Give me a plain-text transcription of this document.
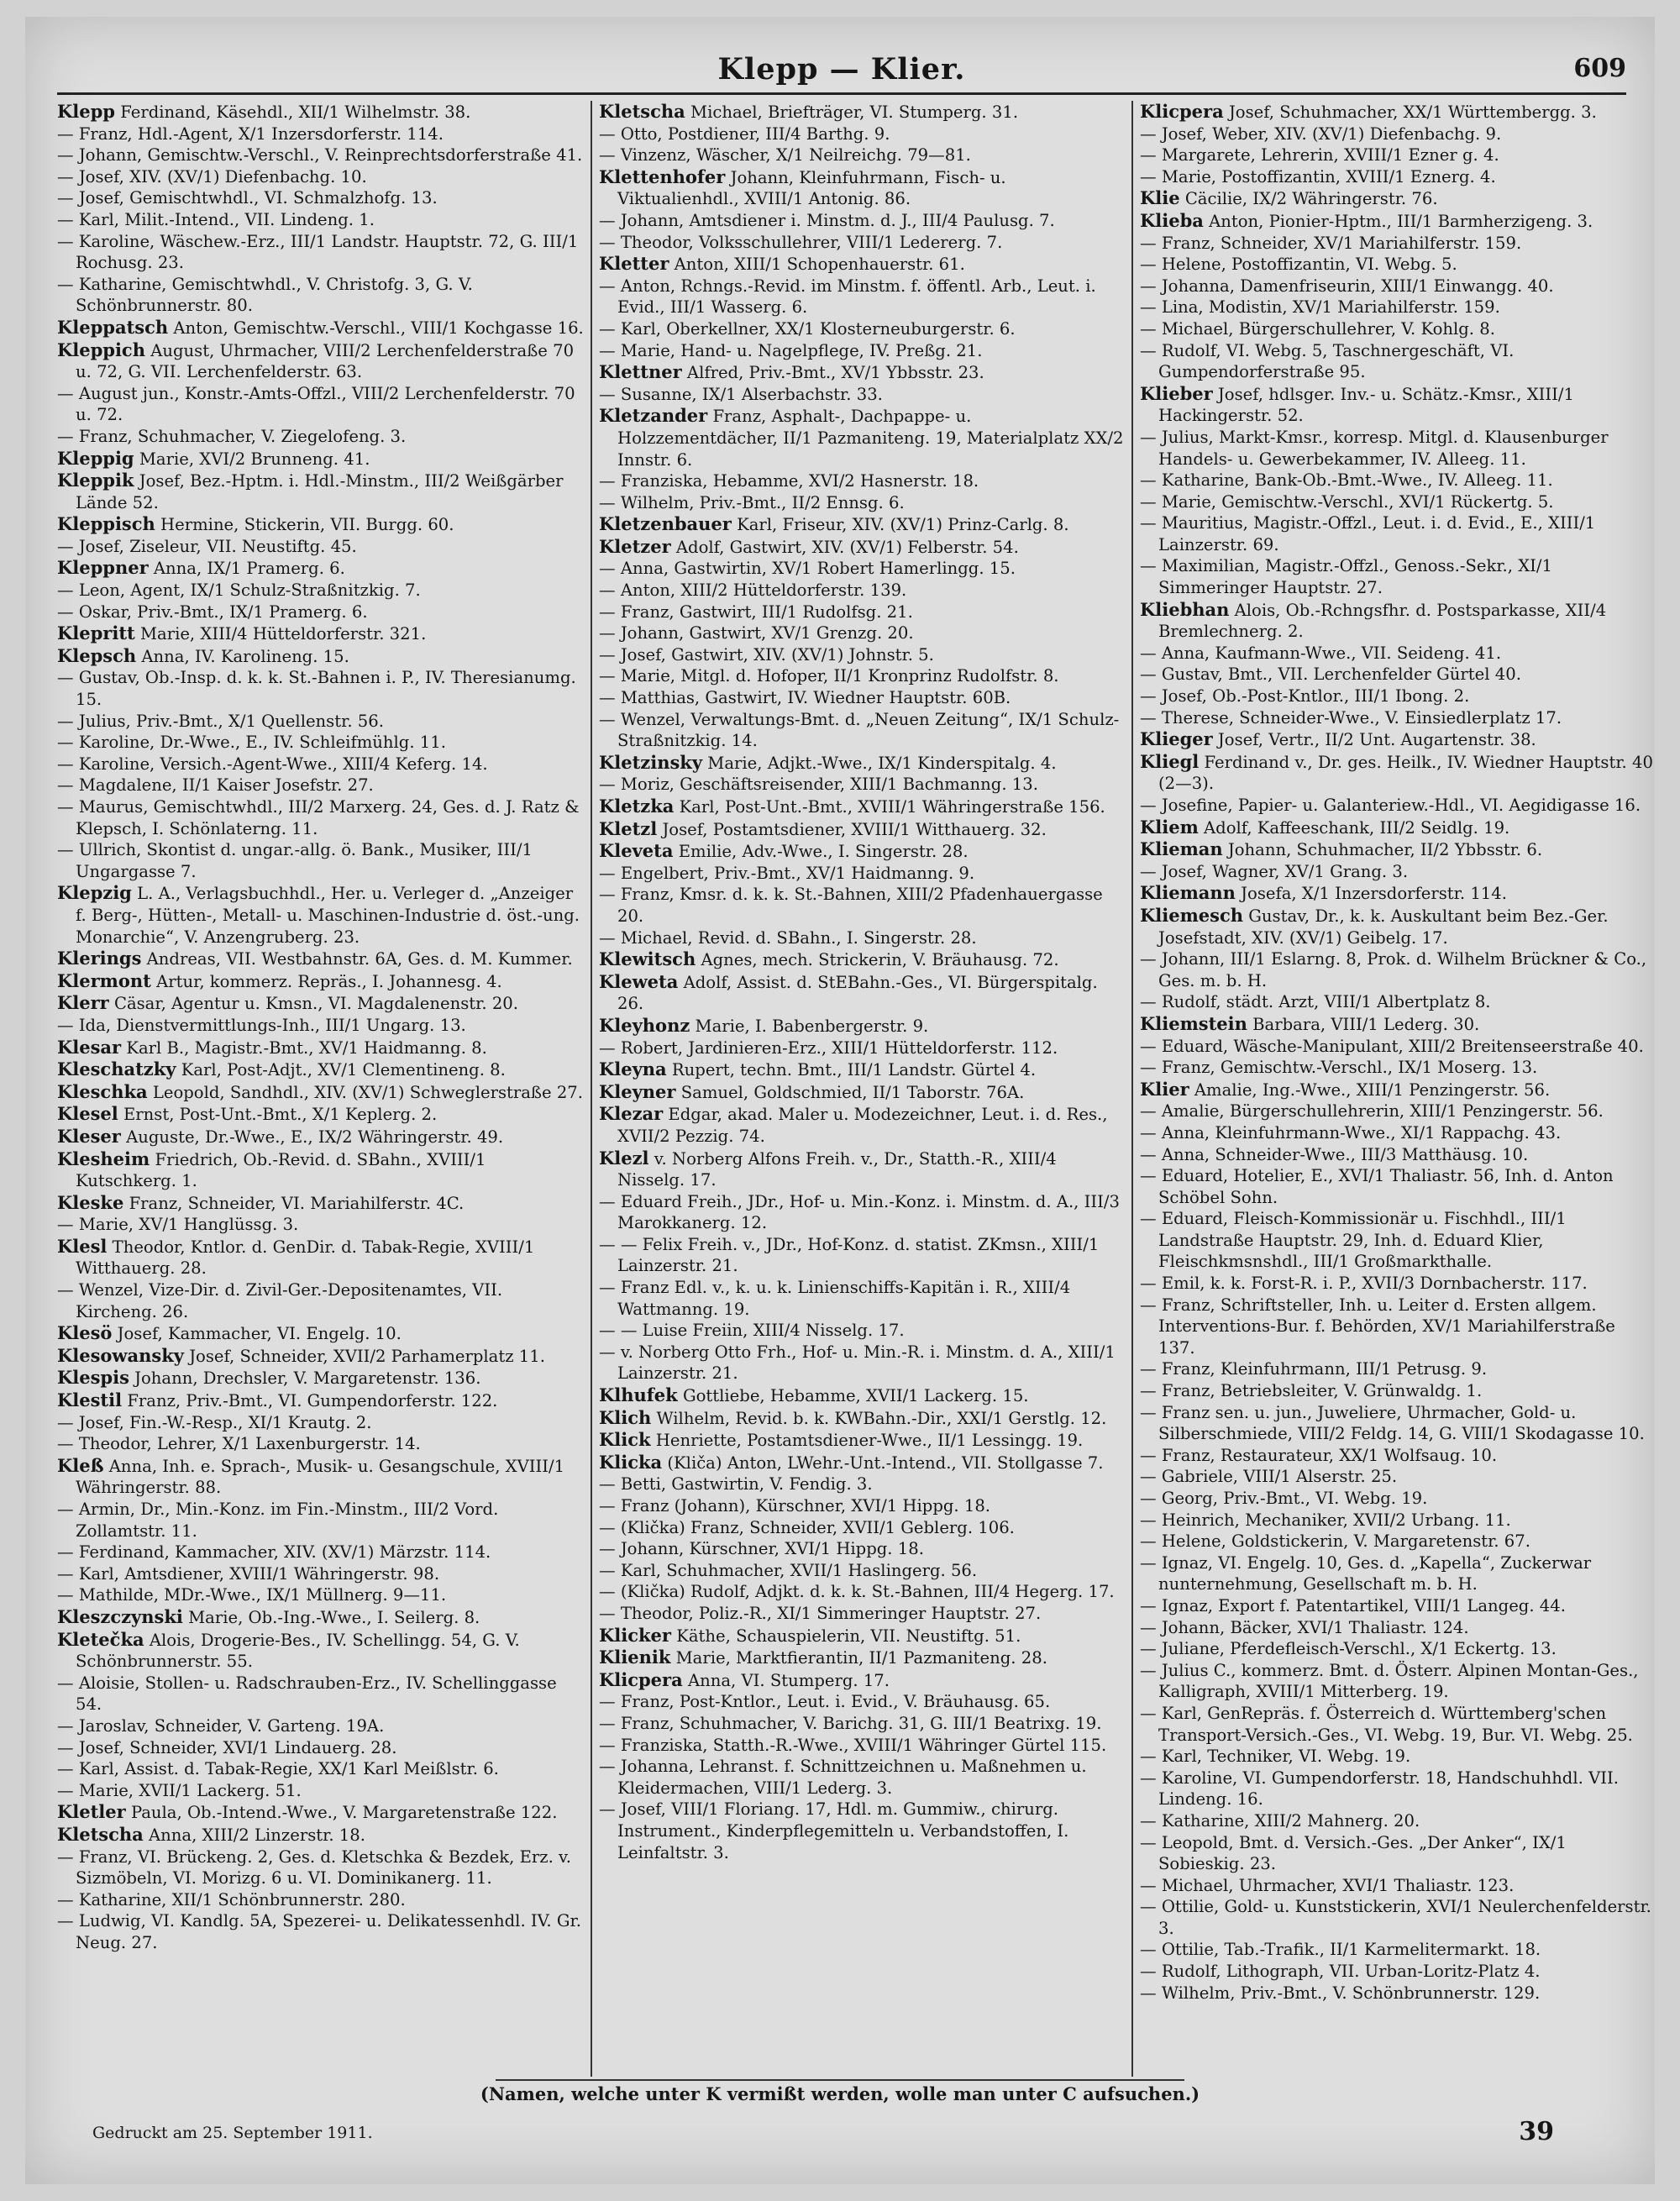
Klepp — Klier.	609

Klepp Ferdinand, Käsehdl., XII/1 Wilhelmstr. 38.

— Franz, Hdl.-Agent, X/1 Inzersdorferstr. 114.

— Johann, Gemischtw.-Verschl., V. Reinprechtsdorferstraße 41.

— Josef, XIV. (XV/1) Diefenbachg. 10.

— Josef, Gemischtwhdl., VI. Schmalzhofg. 13.

— Karl, Milit.-Intend., VII. Lindeng. 1.

— Karoline, Wäschew.-Erz., III/1 Landstr. Hauptstr. 72, G. III/1 Rochusg. 23.

— Katharine, Gemischtwhdl., V. Christofg. 3, G. V. Schönbrunnerstr. 80.

Kleppatsch Anton, Gemischtw.-Verschl., VIII/1 Kochgasse 16.

Kleppich August, Uhrmacher, VIII/2 Lerchenfelderstraße 70 u. 72, G. VII. Lerchenfelderstr. 63.

— August jun., Konstr.-Amts-Offzl., VIII/2 Lerchenfelderstr. 70 u. 72.

— Franz, Schuhmacher, V. Ziegelofeng. 3.

Kleppig Marie, XVI/2 Brunneng. 41.

Kleppik Josef, Bez.-Hptm. i. Hdl.-Minstm., III/2 Weißgärber Lände 52.

Kleppisch Hermine, Stickerin, VII. Burgg. 60.

— Josef, Ziseleur, VII. Neustiftg. 45.

Kleppner Anna, IX/1 Pramerg. 6.

— Leon, Agent, IX/1 Schulz-Straßnitzkig. 7.

— Oskar, Priv.-Bmt., IX/1 Pramerg. 6.

Klepritt Marie, XIII/4 Hütteldorferstr. 321.

Klepsch Anna, IV. Karolineng. 15.

— Gustav, Ob.-Insp. d. k. k. St.-Bahnen i. P., IV. Theresianumg. 15.

— Julius, Priv.-Bmt., X/1 Quellenstr. 56.

— Karoline, Dr.-Wwe., E., IV. Schleifmühlg. 11.

— Karoline, Versich.-Agent-Wwe., XIII/4 Keferg. 14.

— Magdalene, II/1 Kaiser Josefstr. 27.

— Maurus, Gemischtwhdl., III/2 Marxerg. 24, Ges. d. J. Ratz & Klepsch, I. Schönlaterng. 11.

— Ullrich, Skontist d. ungar.-allg. ö. Bank., Musiker, III/1 Ungargasse 7.

Klepzig L. A., Verlagsbuchhdl., Her. u. Verleger d. „Anzeiger f. Berg-, Hütten-, Metall- u. Maschinen-Industrie d. öst.-ung. Monarchie“, V. Anzengruberg. 23.

Klerings Andreas, VII. Westbahnstr. 6A, Ges. d. M. Kummer.

Klermont Artur, kommerz. Repräs., I. Johannesg. 4.

Klerr Cäsar, Agentur u. Kmsn., VI. Magdalenenstr. 20.

— Ida, Dienstvermittlungs-Inh., III/1 Ungarg. 13.

Klesar Karl B., Magistr.-Bmt., XV/1 Haidmanng. 8.

Kleschatzky Karl, Post-Adjt., XV/1 Clementineng. 8.

Kleschka Leopold, Sandhdl., XIV. (XV/1) Schweglerstraße 27.

Klesel Ernst, Post-Unt.-Bmt., X/1 Keplerg. 2.

Kleser Auguste, Dr.-Wwe., E., IX/2 Währingerstr. 49.

Klesheim Friedrich, Ob.-Revid. d. SBahn., XVIII/1 Kutschkerg. 1.

Kleske Franz, Schneider, VI. Mariahilferstr. 4C.

— Marie, XV/1 Hanglüssg. 3.

Klesl Theodor, Kntlor. d. GenDir. d. Tabak-Regie, XVIII/1 Witthauerg. 28.

— Wenzel, Vize-Dir. d. Zivil-Ger.-Depositenamtes, VII. Kircheng. 26.

Klesö Josef, Kammacher, VI. Engelg. 10.

Klesowansky Josef, Schneider, XVII/2 Parhamerplatz 11.

Klespis Johann, Drechsler, V. Margaretenstr. 136.

Klestil Franz, Priv.-Bmt., VI. Gumpendorferstr. 122.

— Josef, Fin.-W.-Resp., XI/1 Krautg. 2.

— Theodor, Lehrer, X/1 Laxenburgerstr. 14.

Kleß Anna, Inh. e. Sprach-, Musik- u. Gesangschule, XVIII/1 Währingerstr. 88.

— Armin, Dr., Min.-Konz. im Fin.-Minstm., III/2 Vord. Zollamtstr. 11.

— Ferdinand, Kammacher, XIV. (XV/1) Märzstr. 114.

— Karl, Amtsdiener, XVIII/1 Währingerstr. 98.

— Mathilde, MDr.-Wwe., IX/1 Müllnerg. 9—11.

Kleszczynski Marie, Ob.-Ing.-Wwe., I. Seilerg. 8.

Kletečka Alois, Drogerie-Bes., IV. Schellingg. 54, G. V. Schönbrunnerstr. 55.

— Aloisie, Stollen- u. Radschrauben-Erz., IV. Schellinggasse 54.

— Jaroslav, Schneider, V. Garteng. 19A.

— Josef, Schneider, XVI/1 Lindauerg. 28.

— Karl, Assist. d. Tabak-Regie, XX/1 Karl Meißlstr. 6.

— Marie, XVII/1 Lackerg. 51.

Kletler Paula, Ob.-Intend.-Wwe., V. Margaretenstraße 122.

Kletscha Anna, XIII/2 Linzerstr. 18.

— Franz, VI. Brückeng. 2, Ges. d. Kletschka & Bezdek, Erz. v. Sizmöbeln, VI. Morizg. 6 u. VI. Dominikanerg. 11.

— Katharine, XII/1 Schönbrunnerstr. 280.

— Ludwig, VI. Kandlg. 5A, Spezerei- u. Delikatessenhdl. IV. Gr. Neug. 27.

Kletscha Michael, Briefträger, VI. Stumperg. 31.

— Otto, Postdiener, III/4 Barthg. 9.

— Vinzenz, Wäscher, X/1 Neilreichg. 79—81.

Klettenhofer Johann, Kleinfuhrmann, Fisch- u. Viktualienhdl., XVIII/1 Antonig. 86.

— Johann, Amtsdiener i. Minstm. d. J., III/4 Paulusg. 7.

— Theodor, Volksschullehrer, VIII/1 Ledererg. 7.

Kletter Anton, XIII/1 Schopenhauerstr. 61.

— Anton, Rchngs.-Revid. im Minstm. f. öffentl. Arb., Leut. i. Evid., III/1 Wasserg. 6.

— Karl, Oberkellner, XX/1 Klosterneuburgerstr. 6.

— Marie, Hand- u. Nagelpflege, IV. Preßg. 21.

Klettner Alfred, Priv.-Bmt., XV/1 Ybbsstr. 23.

— Susanne, IX/1 Alserbachstr. 33.

Kletzander Franz, Asphalt-, Dachpappe- u. Holzzementdächer, II/1 Pazmaniteng. 19, Materialplatz XX/2 Innstr. 6.

— Franziska, Hebamme, XVI/2 Hasnerstr. 18.

— Wilhelm, Priv.-Bmt., II/2 Ennsg. 6.

Kletzenbauer Karl, Friseur, XIV. (XV/1) Prinz-Carlg. 8.

Kletzer Adolf, Gastwirt, XIV. (XV/1) Felberstr. 54.

— Anna, Gastwirtin, XV/1 Robert Hamerlingg. 15.

— Anton, XIII/2 Hütteldorferstr. 139.

— Franz, Gastwirt, III/1 Rudolfsg. 21.

— Johann, Gastwirt, XV/1 Grenzg. 20.

— Josef, Gastwirt, XIV. (XV/1) Johnstr. 5.

— Marie, Mitgl. d. Hofoper, II/1 Kronprinz Rudolfstr. 8.

— Matthias, Gastwirt, IV. Wiedner Hauptstr. 60B.

— Wenzel, Verwaltungs-Bmt. d. „Neuen Zeitung“, IX/1 Schulz-Straßnitzkig. 14.

Kletzinsky Marie, Adjkt.-Wwe., IX/1 Kinderspitalg. 4.

— Moriz, Geschäftsreisender, XIII/1 Bachmanng. 13.

Kletzka Karl, Post-Unt.-Bmt., XVIII/1 Währingerstraße 156.

Kletzl Josef, Postamtsdiener, XVIII/1 Witthauerg. 32.

Kleveta Emilie, Adv.-Wwe., I. Singerstr. 28.

— Engelbert, Priv.-Bmt., XV/1 Haidmanng. 9.

— Franz, Kmsr. d. k. k. St.-Bahnen, XIII/2 Pfadenhauergasse 20.

— Michael, Revid. d. SBahn., I. Singerstr. 28.

Klewitsch Agnes, mech. Strickerin, V. Bräuhausg. 72.

Kleweta Adolf, Assist. d. StEBahn.-Ges., VI. Bürgerspitalg. 26.

Kleyhonz Marie, I. Babenbergerstr. 9.

— Robert, Jardinieren-Erz., XIII/1 Hütteldorferstr. 112.

Kleyna Rupert, techn. Bmt., III/1 Landstr. Gürtel 4.

Kleyner Samuel, Goldschmied, II/1 Taborstr. 76A.

Klezar Edgar, akad. Maler u. Modezeichner, Leut. i. d. Res., XVII/2 Pezzig. 74.

Klezl v. Norberg Alfons Freih. v., Dr., Statth.-R., XIII/4 Nisselg. 17.

— Eduard Freih., JDr., Hof- u. Min.-Konz. i. Minstm. d. A., III/3 Marokkanerg. 12.

— — Felix Freih. v., JDr., Hof-Konz. d. statist. ZKmsn., XIII/1 Lainzerstr. 21.

— Franz Edl. v., k. u. k. Linienschiffs-Kapitän i. R., XIII/4 Wattmanng. 19.

— — Luise Freiin, XIII/4 Nisselg. 17.

— v. Norberg Otto Frh., Hof- u. Min.-R. i. Minstm. d. A., XIII/1 Lainzerstr. 21.

Klhufek Gottliebe, Hebamme, XVII/1 Lackerg. 15.

Klich Wilhelm, Revid. b. k. KWBahn.-Dir., XXI/1 Gerstlg. 12.

Klick Henriette, Postamtsdiener-Wwe., II/1 Lessingg. 19.

Klicka (Kliča) Anton, LWehr.-Unt.-Intend., VII. Stollgasse 7.

— Betti, Gastwirtin, V. Fendig. 3.

— Franz (Johann), Kürschner, XVI/1 Hippg. 18.

— (Klička) Franz, Schneider, XVII/1 Geblerg. 106.

— Johann, Kürschner, XVI/1 Hippg. 18.

— Karl, Schuhmacher, XVII/1 Haslingerg. 56.

— (Klička) Rudolf, Adjkt. d. k. k. St.-Bahnen, III/4 Hegerg. 17.

— Theodor, Poliz.-R., XI/1 Simmeringer Hauptstr. 27.

Klicker Käthe, Schauspielerin, VII. Neustiftg. 51.

Klienik Marie, Marktfierantin, II/1 Pazmaniteng. 28.

Klicpera Anna, VI. Stumperg. 17.

— Franz, Post-Kntlor., Leut. i. Evid., V. Bräuhausg. 65.

— Franz, Schuhmacher, V. Barichg. 31, G. III/1 Beatrixg. 19.

— Franziska, Statth.-R.-Wwe., XVIII/1 Währinger Gürtel 115.

— Johanna, Lehranst. f. Schnittzeichnen u. Maßnehmen u. Kleidermachen, VIII/1 Lederg. 3.

— Josef, VIII/1 Floriang. 17, Hdl. m. Gummiw., chirurg. Instrument., Kinderpflegemitteln u. Verbandstoffen, I. Leinfaltstr. 3.

Klicpera Josef, Schuhmacher, XX/1 Württembergg. 3.

— Josef, Weber, XIV. (XV/1) Diefenbachg. 9.

— Margarete, Lehrerin, XVIII/1 Ezner g. 4.

— Marie, Postoffizantin, XVIII/1 Eznerg. 4.

Klie Cäcilie, IX/2 Währingerstr. 76.

Klieba Anton, Pionier-Hptm., III/1 Barmherzigeng. 3.

— Franz, Schneider, XV/1 Mariahilferstr. 159.

— Helene, Postoffizantin, VI. Webg. 5.

— Johanna, Damenfriseurin, XIII/1 Einwangg. 40.

— Lina, Modistin, XV/1 Mariahilferstr. 159.

— Michael, Bürgerschullehrer, V. Kohlg. 8.

— Rudolf, VI. Webg. 5, Taschnergeschäft, VI. Gumpendorferstraße 95.

Klieber Josef, hdlsger. Inv.- u. Schätz.-Kmsr., XIII/1 Hackingerstr. 52.

— Julius, Markt-Kmsr., korresp. Mitgl. d. Klausenburger Handels- u. Gewerbekammer, IV. Alleeg. 11.

— Katharine, Bank-Ob.-Bmt.-Wwe., IV. Alleeg. 11.

— Marie, Gemischtw.-Verschl., XVI/1 Rückertg. 5.

— Mauritius, Magistr.-Offzl., Leut. i. d. Evid., E., XIII/1 Lainzerstr. 69.

— Maximilian, Magistr.-Offzl., Genoss.-Sekr., XI/1 Simmeringer Hauptstr. 27.

Kliebhan Alois, Ob.-Rchngsfhr. d. Postsparkasse, XII/4 Bremlechnerg. 2.

— Anna, Kaufmann-Wwe., VII. Seideng. 41.

— Gustav, Bmt., VII. Lerchenfelder Gürtel 40.

— Josef, Ob.-Post-Kntlor., III/1 Ibong. 2.

— Therese, Schneider-Wwe., V. Einsiedlerplatz 17.

Klieger Josef, Vertr., II/2 Unt. Augartenstr. 38.

Kliegl Ferdinand v., Dr. ges. Heilk., IV. Wiedner Hauptstr. 40 (2—3).

— Josefine, Papier- u. Galanteriew.-Hdl., VI. Aegidigasse 16.

Kliem Adolf, Kaffeeschank, III/2 Seidlg. 19.

Klieman Johann, Schuhmacher, II/2 Ybbsstr. 6.

— Josef, Wagner, XV/1 Grang. 3.

Kliemann Josefa, X/1 Inzersdorferstr. 114.

Kliemesch Gustav, Dr., k. k. Auskultant beim Bez.-Ger. Josefstadt, XIV. (XV/1) Geibelg. 17.

— Johann, III/1 Eslarng. 8, Prok. d. Wilhelm Brückner & Co., Ges. m. b. H.

— Rudolf, städt. Arzt, VIII/1 Albertplatz 8.

Kliemstein Barbara, VIII/1 Lederg. 30.

— Eduard, Wäsche-Manipulant, XIII/2 Breitenseerstraße 40.

— Franz, Gemischtw.-Verschl., IX/1 Moserg. 13.

Klier Amalie, Ing.-Wwe., XIII/1 Penzingerstr. 56.

— Amalie, Bürgerschullehrerin, XIII/1 Penzingerstr. 56.

— Anna, Kleinfuhrmann-Wwe., XI/1 Rappachg. 43.

— Anna, Schneider-Wwe., III/3 Matthäusg. 10.

— Eduard, Hotelier, E., XVI/1 Thaliastr. 56, Inh. d. Anton Schöbel Sohn.

— Eduard, Fleisch-Kommissionär u. Fischhdl., III/1 Landstraße Hauptstr. 29, Inh. d. Eduard Klier, Fleischkmsnshdl., III/1 Großmarkthalle.

— Emil, k. k. Forst-R. i. P., XVII/3 Dornbacherstr. 117.

— Franz, Schriftsteller, Inh. u. Leiter d. Ersten allgem. Interventions-Bur. f. Behörden, XV/1 Mariahilferstraße 137.

— Franz, Kleinfuhrmann, III/1 Petrusg. 9.

— Franz, Betriebsleiter, V. Grünwaldg. 1.

— Franz sen. u. jun., Juweliere, Uhrmacher, Gold- u. Silberschmiede, VIII/2 Feldg. 14, G. VIII/1 Skodagasse 10.

— Franz, Restaurateur, XX/1 Wolfsaug. 10.

— Gabriele, VIII/1 Alserstr. 25.

— Georg, Priv.-Bmt., VI. Webg. 19.

— Heinrich, Mechaniker, XVII/2 Urbang. 11.

— Helene, Goldstickerin, V. Margaretenstr. 67.

— Ignaz, VI. Engelg. 10, Ges. d. „Kapella“, Zuckerwar nunternehmung, Gesellschaft m. b. H.

— Ignaz, Export f. Patentartikel, VIII/1 Langeg. 44.

— Johann, Bäcker, XVI/1 Thaliastr. 124.

— Juliane, Pferdefleisch-Verschl., X/1 Eckertg. 13.

— Julius C., kommerz. Bmt. d. Österr. Alpinen Montan-Ges., Kalligraph, XVIII/1 Mitterberg. 19.

— Karl, GenRepräs. f. Österreich d. Württemberg'schen Transport-Versich.-Ges., VI. Webg. 19, Bur. VI. Webg. 25.

— Karl, Techniker, VI. Webg. 19.

— Karoline, VI. Gumpendorferstr. 18, Handschuhhdl. VII. Lindeng. 16.

— Katharine, XIII/2 Mahnerg. 20.

— Leopold, Bmt. d. Versich.-Ges. „Der Anker“, IX/1 Sobieskig. 23.

— Michael, Uhrmacher, XVI/1 Thaliastr. 123.

— Ottilie, Gold- u. Kunststickerin, XVI/1 Neulerchenfelderstr. 3.

— Ottilie, Tab.-Trafik., II/1 Karmelitermarkt. 18.

— Rudolf, Lithograph, VII. Urban-Loritz-Platz 4.

— Wilhelm, Priv.-Bmt., V. Schönbrunnerstr. 129.

(Namen, welche unter K vermißt werden, wolle man unter C aufsuchen.)
Gedruckt am 25. September 1911.	39
